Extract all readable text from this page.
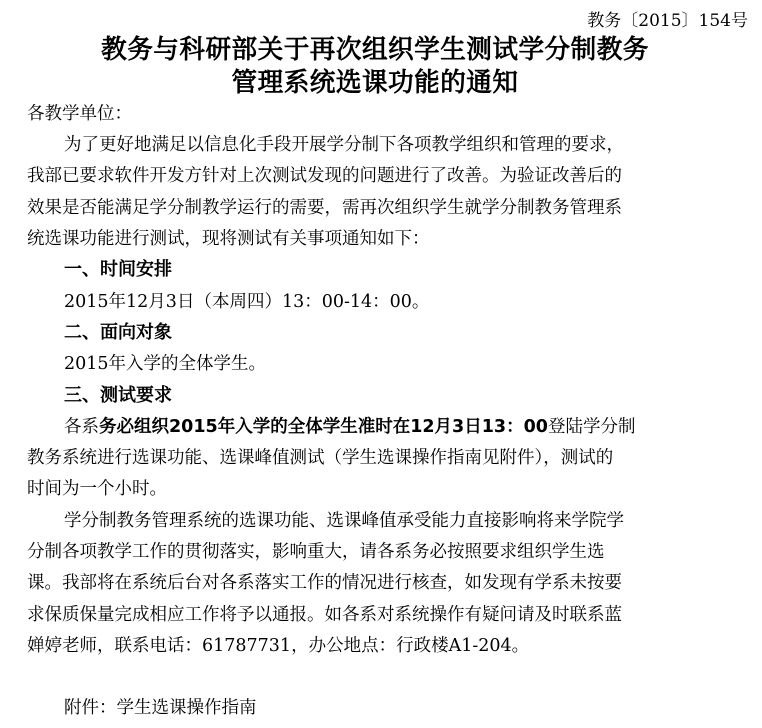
教务〔2015〕154号
教务与科研部关于再次组织学生测试学分制教务
管理系统选课功能的通知
各教学单位：
为了更好地满足以信息化手段开展学分制下各项教学组织和管理的要求，
我部已要求软件开发方针对上次测试发现的问题进行了改善。为验证改善后的
效果是否能满足学分制教学运行的需要，需再次组织学生就学分制教务管理系
统选课功能进行测试，现将测试有关事项通知如下：
一、时间安排
2015年12月3日（本周四）13：00-14：00。
二、面向对象
2015年入学的全体学生。
三、测试要求
各系务必组织2015年入学的全体学生准时在12月3日13：00登陆学分制
教务系统进行选课功能、选课峰值测试（学生选课操作指南见附件），测试的
时间为一个小时。
学分制教务管理系统的选课功能、选课峰值承受能力直接影响将来学院学
分制各项教学工作的贯彻落实，影响重大，请各系务必按照要求组织学生选
课。我部将在系统后台对各系落实工作的情况进行核查，如发现有学系未按要
求保质保量完成相应工作将予以通报。如各系对系统操作有疑问请及时联系蓝
婵婷老师，联系电话：61787731，办公地点：行政楼A1-204。
附件：学生选课操作指南
